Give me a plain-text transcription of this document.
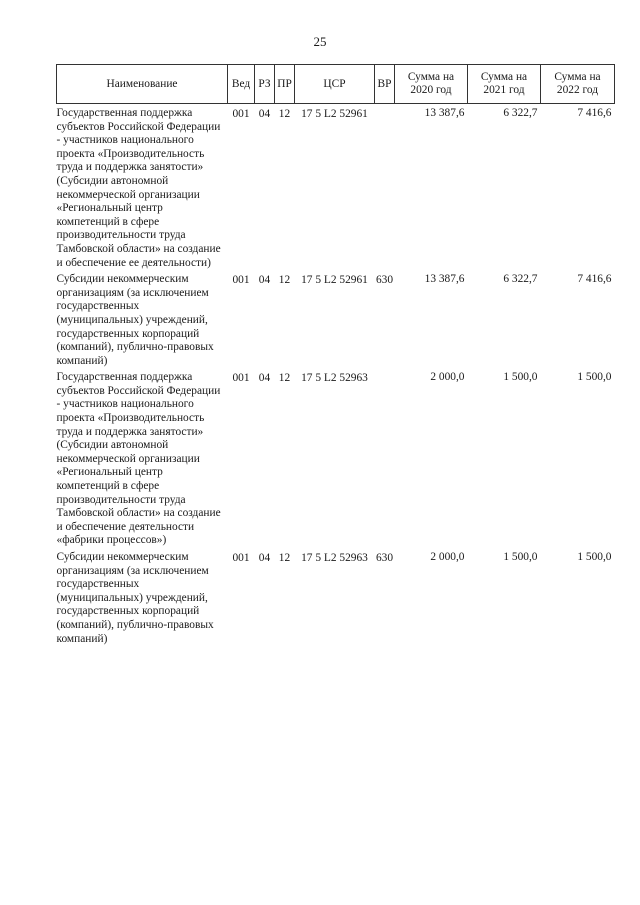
25
Наименование	Вед	РЗ	ПР	ЦСР	ВР	Сумма на 2020 год	Сумма на 2021 год	Сумма на 2022 год

Государственная поддержка субъектов Российской Федерации - участников национального проекта «Производительность труда и поддержка занятости» (Субсидии автономной некоммерческой организации «Региональный центр компетенций в сфере производительности труда Тамбовской области» на создание и обеспечение ее деятельности)	001	04	12	17 5 L2 52961		13 387,6	6 322,7	7 416,6

Субсидии некоммерческим организациям (за исключением государственных (муниципальных) учреждений, государственных корпораций (компаний), публично-правовых компаний)	001	04	12	17 5 L2 52961	630	13 387,6	6 322,7	7 416,6

Государственная поддержка субъектов Российской Федерации - участников национального проекта «Производительность труда и поддержка занятости» (Субсидии автономной некоммерческой организации «Региональный центр компетенций в сфере производительности труда Тамбовской области» на создание и обеспечение деятельности «фабрики процессов»)	001	04	12	17 5 L2 52963		2 000,0	1 500,0	1 500,0

Субсидии некоммерческим организациям (за исключением государственных (муниципальных) учреждений, государственных корпораций (компаний), публично-правовых компаний)	001	04	12	17 5 L2 52963	630	2 000,0	1 500,0	1 500,0
